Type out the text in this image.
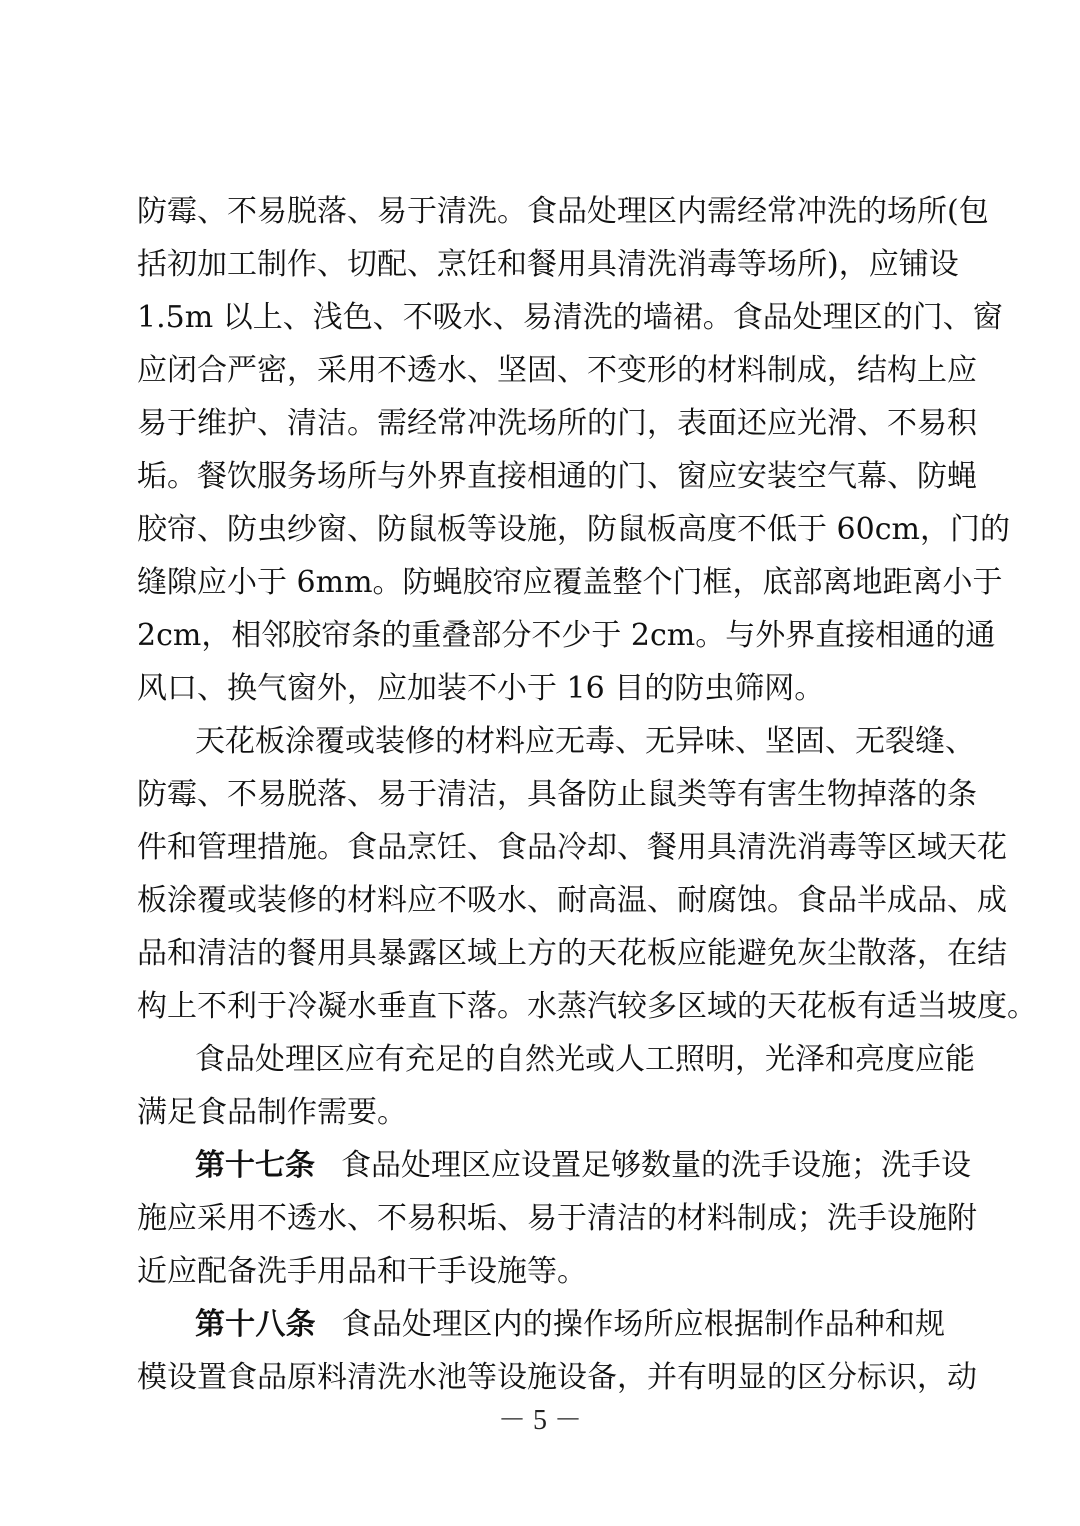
防霉、不易脱落、易于清洗。食品处理区内需经常冲洗的场所(包
括初加工制作、切配、烹饪和餐用具清洗消毒等场所)，应铺设
1.5m 以上、浅色、不吸水、易清洗的墙裙。食品处理区的门、窗
应闭合严密，采用不透水、坚固、不变形的材料制成，结构上应
易于维护、清洁。需经常冲洗场所的门，表面还应光滑、不易积
垢。餐饮服务场所与外界直接相通的门、窗应安装空气幕、防蝇
胶帘、防虫纱窗、防鼠板等设施，防鼠板高度不低于 60cm，门的
缝隙应小于 6mm。防蝇胶帘应覆盖整个门框，底部离地距离小于
2cm，相邻胶帘条的重叠部分不少于 2cm。与外界直接相通的通
风口、换气窗外，应加装不小于 16 目的防虫筛网。
天花板涂覆或装修的材料应无毒、无异味、坚固、无裂缝、
防霉、不易脱落、易于清洁，具备防止鼠类等有害生物掉落的条
件和管理措施。食品烹饪、食品冷却、餐用具清洗消毒等区域天花
板涂覆或装修的材料应不吸水、耐高温、耐腐蚀。食品半成品、成
品和清洁的餐用具暴露区域上方的天花板应能避免灰尘散落，在结
构上不利于冷凝水垂直下落。水蒸汽较多区域的天花板有适当坡度。
食品处理区应有充足的自然光或人工照明，光泽和亮度应能
满足食品制作需要。
第十七条 食品处理区应设置足够数量的洗手设施；洗手设
施应采用不透水、不易积垢、易于清洁的材料制成；洗手设施附
近应配备洗手用品和干手设施等。
第十八条 食品处理区内的操作场所应根据制作品种和规
模设置食品原料清洗水池等设施设备，并有明显的区分标识，动
－ 5 －
